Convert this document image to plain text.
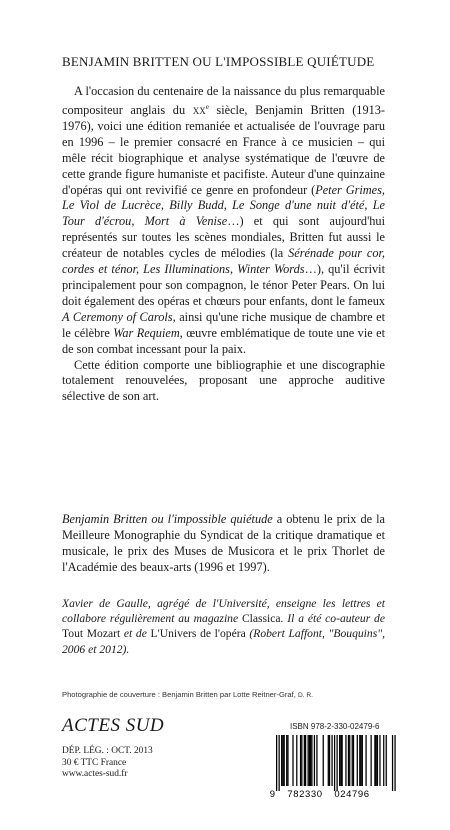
BENJAMIN BRITTEN OU L'IMPOSSIBLE QUIÉTUDE

A l'occasion du centenaire de la naissance du plus remarquable compositeur anglais du $xx^e$ siècle, Benjamin Britten (1913-1976), voici une édition remaniée et actualisée de l'ouvrage paru en 1996 – le premier consacré en France à ce musicien – qui mêle récit biographique et analyse systématique de l'œuvre de cette grande figure humaniste et pacifiste. Auteur d'une quinzaine d'opéras qui ont revivifié ce genre en profondeur (Peter Grimes, Le Viol de Lucrèce, Billy Budd, Le Songe d'une nuit d'été, Le Tour d'écrou, Mort à Venise…) et qui sont aujourd'hui représentés sur toutes les scènes mondiales, Britten fut aussi le créateur de notables cycles de mélodies (la Sérénade pour cor, cordes et ténor, Les Illuminations, Winter Words…), qu'il écrivit principalement pour son compagnon, le ténor Peter Pears. On lui doit également des opéras et chœurs pour enfants, dont le fameux A Ceremony of Carols, ainsi qu'une riche musique de chambre et le célèbre War Requiem, œuvre emblématique de toute une vie et de son combat incessant pour la paix.

Cette édition comporte une bibliographie et une discographie totalement renouvelées, proposant une approche auditive sélective de son art.

Benjamin Britten ou l'impossible quiétude a obtenu le prix de la Meilleure Monographie du Syndicat de la critique dramatique et musicale, le prix des Muses de Musicora et le prix Thorlet de l'Académie des beaux-arts (1996 et 1997).

Xavier de Gaulle, agrégé de l'Université, enseigne les lettres et collabore régulièrement au magazine Classica. Il a été co-auteur de Tout Mozart et de L'Univers de l'opéra (Robert Laffont, "Bouquins", 2006 et 2012).

Photographie de couverture : Benjamin Britten par Lotte Reitner-Graf, D. R.
ACTES SUD
DÉP. LÉG. : OCT. 2013
30 € TTC France
www.actes-sud.fr
ISBN 978-2-330-02479-6
9 782330 024796
